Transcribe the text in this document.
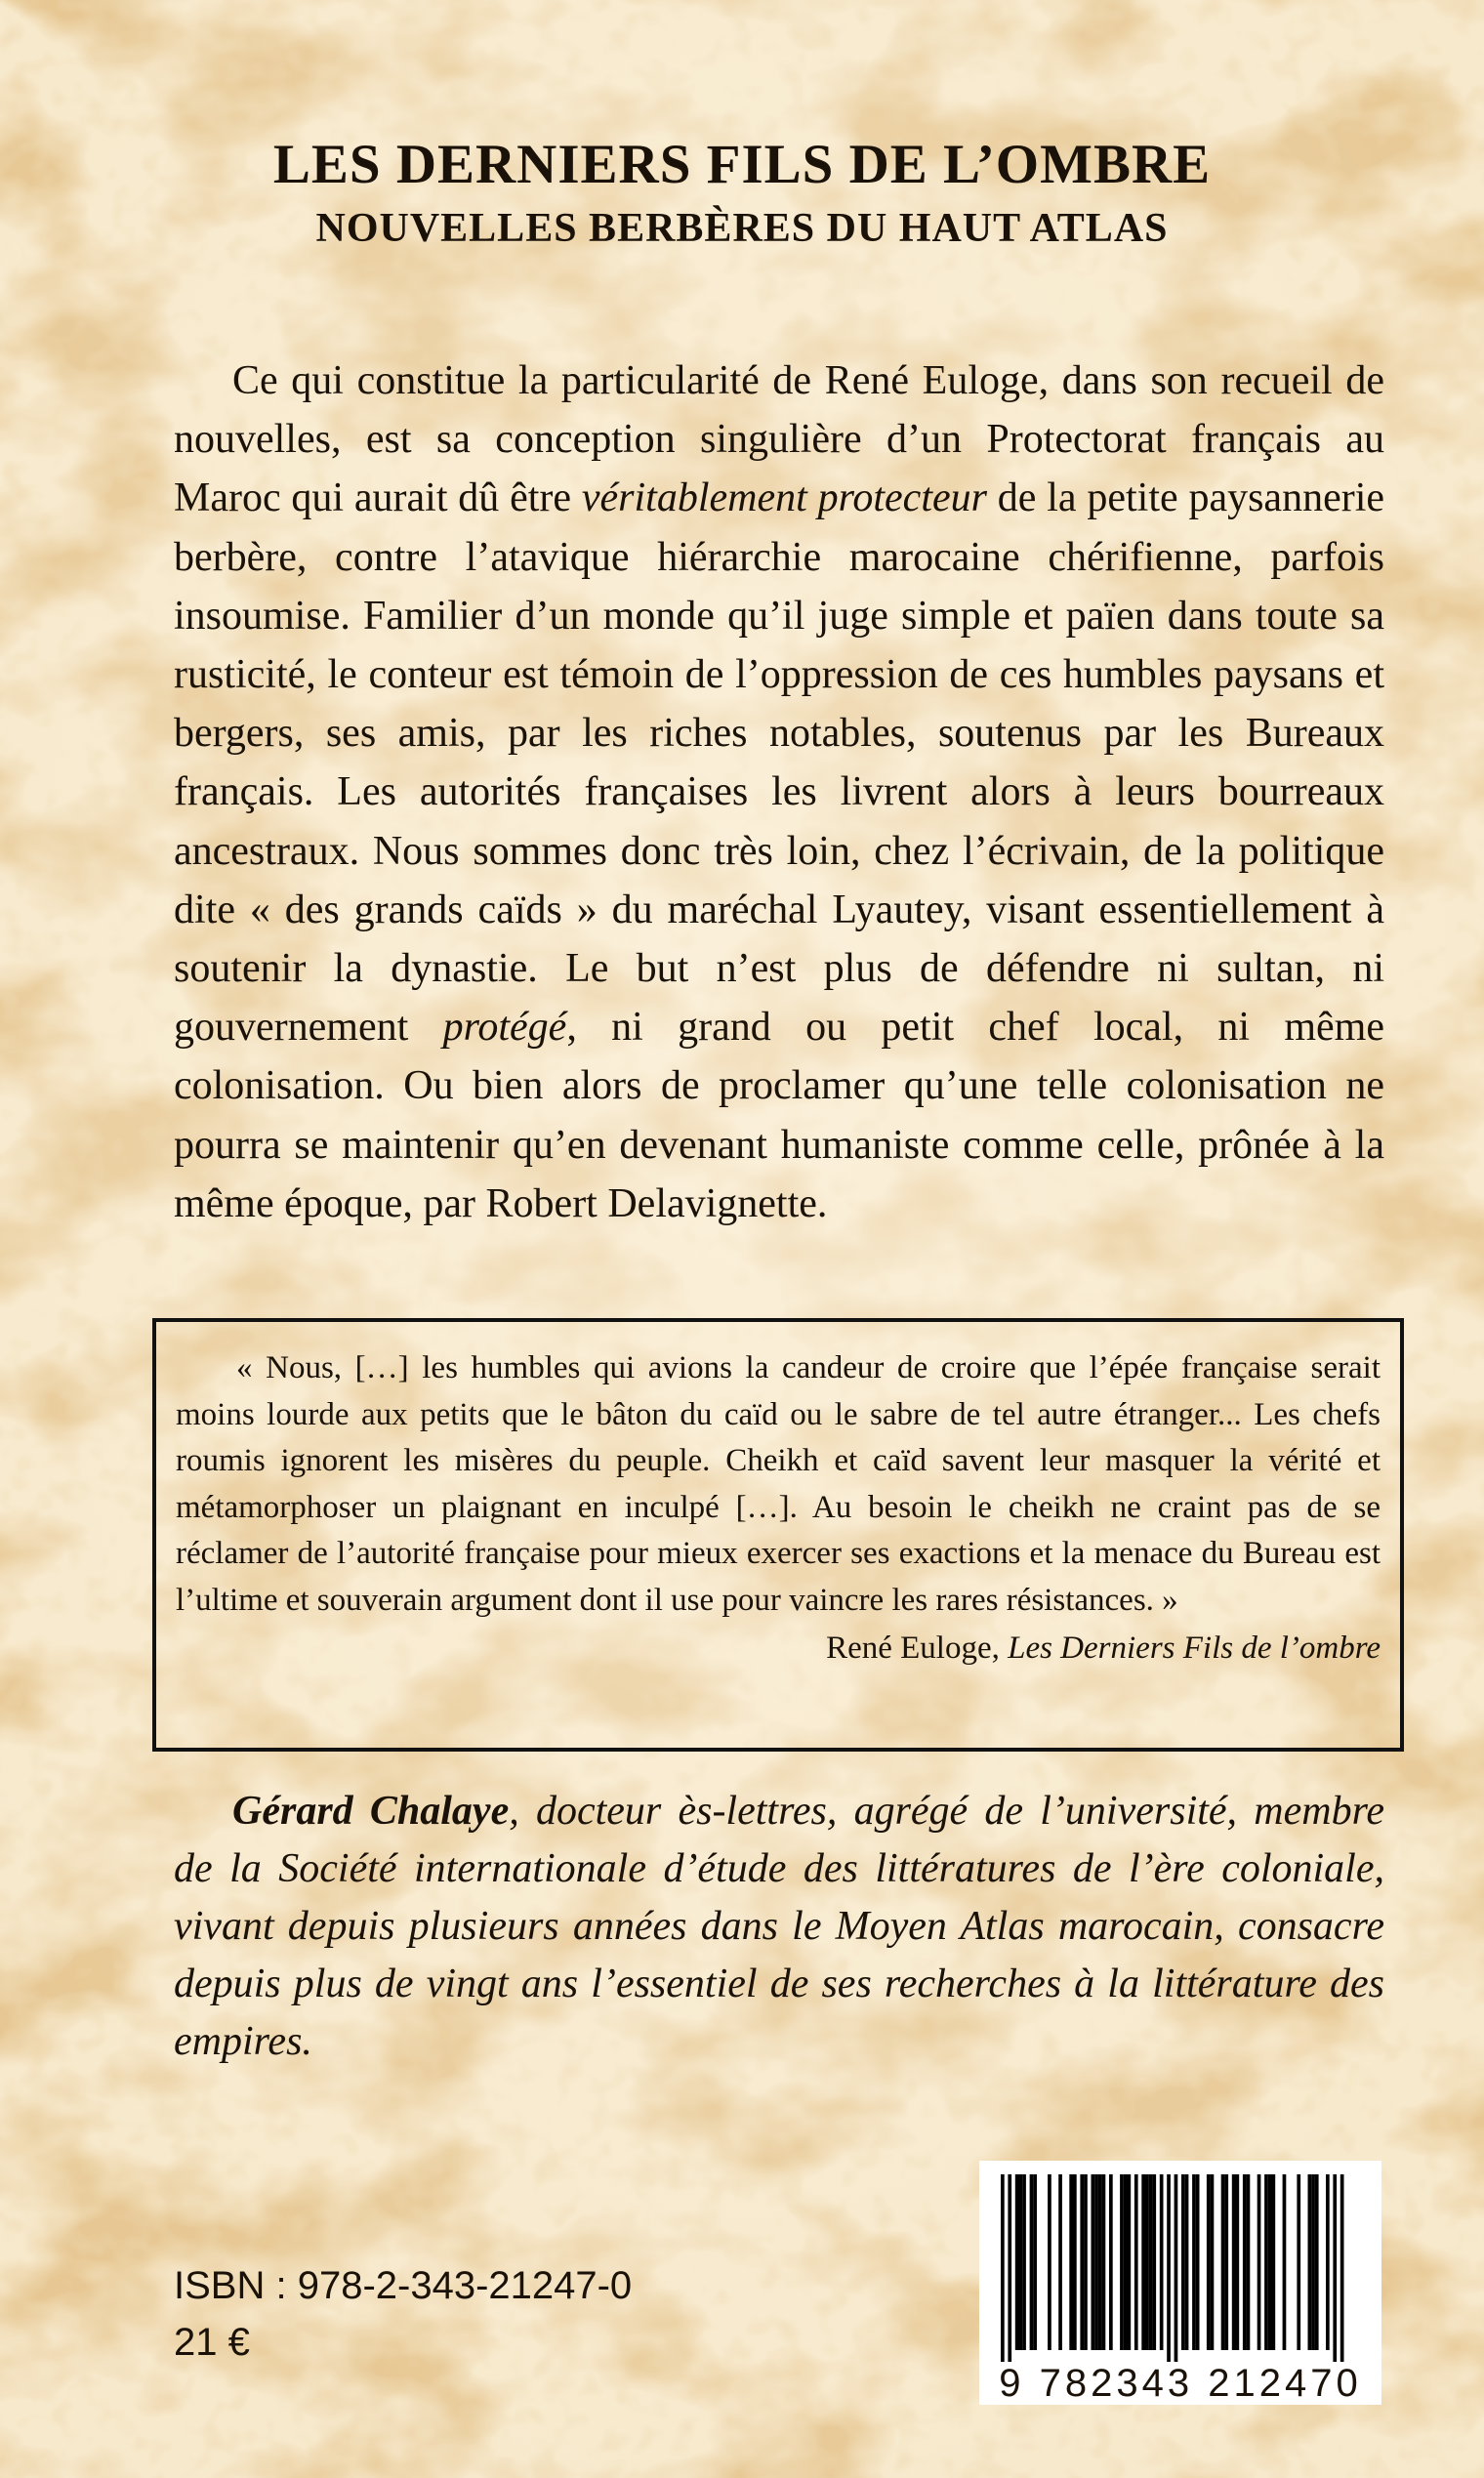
LES DERNIERS FILS DE L’OMBRE
NOUVELLES BERBÈRES DU HAUT ATLAS

Ce qui constitue la particularité de René Euloge, dans son recueil de nouvelles, est sa conception singulière d’un Protectorat français au Maroc qui aurait dû être véritablement protecteur de la petite paysannerie berbère, contre l’atavique hiérarchie marocaine chérifienne, parfois insoumise. Familier d’un monde qu’il juge simple et païen dans toute sa rusticité, le conteur est témoin de l’oppression de ces humbles paysans et bergers, ses amis, par les riches notables, soutenus par les Bureaux français. Les autorités françaises les livrent alors à leurs bourreaux ancestraux. Nous sommes donc très loin, chez l’écrivain, de la politique dite « des grands caïds » du maréchal Lyautey, visant essentiellement à soutenir la dynastie. Le but n’est plus de défendre ni sultan, ni gouvernement protégé, ni grand ou petit chef local, ni même colonisation. Ou bien alors de proclamer qu’une telle colonisation ne pourra se maintenir qu’en devenant humaniste comme celle, prônée à la même époque, par Robert Delavignette.

« Nous, […] les humbles qui avions la candeur de croire que l’épée française serait moins lourde aux petits que le bâton du caïd ou le sabre de tel autre étranger... Les chefs roumis ignorent les misères du peuple. Cheikh et caïd savent leur masquer la vérité et métamorphoser un plaignant en inculpé […]. Au besoin le cheikh ne craint pas de se réclamer de l’autorité française pour mieux exercer ses exactions et la menace du Bureau est l’ultime et souverain argument dont il use pour vaincre les rares résistances. »

René Euloge, Les Derniers Fils de l’ombre

Gérard Chalaye, docteur ès-lettres, agrégé de l’université, membre de la Société internationale d’étude des littératures de l’ère coloniale, vivant depuis plusieurs années dans le Moyen Atlas marocain, consacre depuis plus de vingt ans l’essentiel de ses recherches à la littérature des empires.

ISBN : 978-2-343-21247-0
21 €
9 782343 212470
